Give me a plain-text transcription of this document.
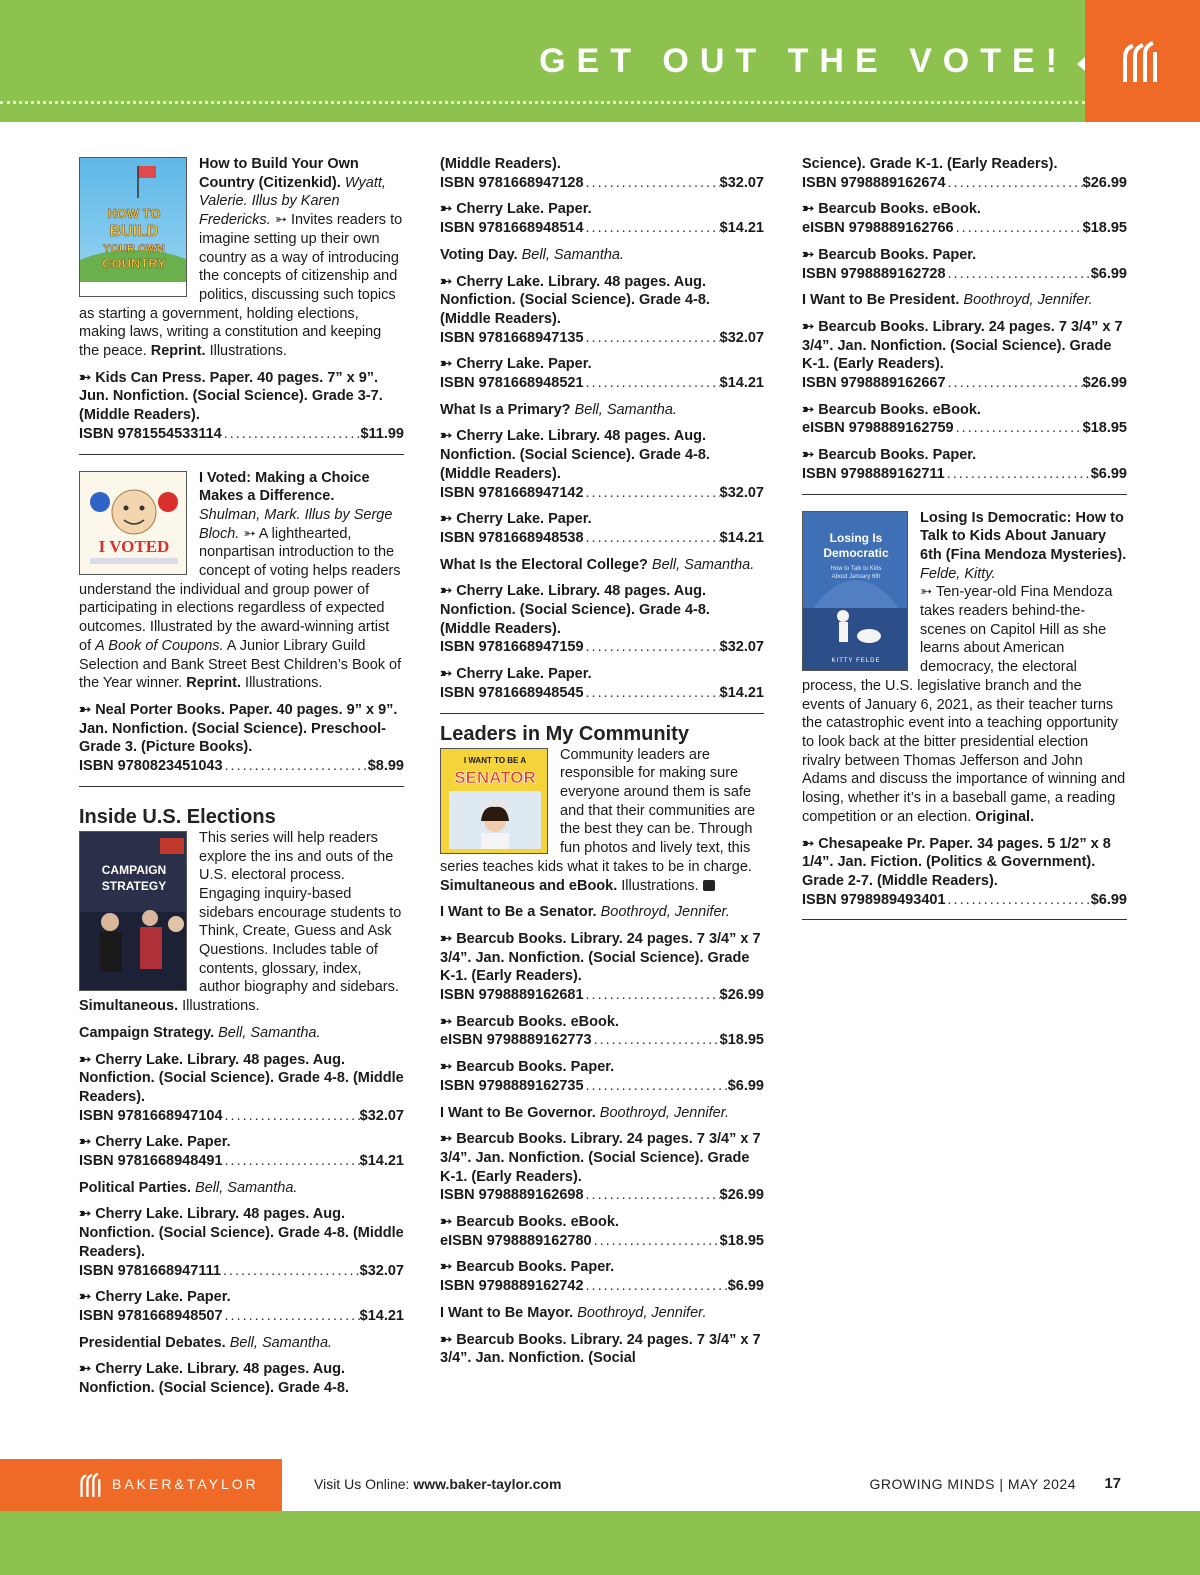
GET OUT THE VOTE!
HOW TO
BUILD
YOUR OWN
COUNTRY
How to Build Your Own Country (Citizenkid). Wyatt, Valerie. Illus by Karen Fredericks. ➳ Invites readers to imagine setting up their own country as a way of introducing the concepts of citizenship and politics, discussing such topics as starting a government, holding elections, making laws, writing a constitution and keeping the peace. Reprint. Illustrations.
➳ Kids Can Press. Paper. 40 pages. 7” x 9”. Jun. Nonfiction. (Social Science). Grade 3-7. (Middle Readers).
ISBN 9781554533114 .....	$11.99
I VOTED
I Voted: Making a Choice Makes a Difference.
Shulman, Mark. Illus by Serge Bloch. ➳ A lighthearted, nonpartisan introduction to the concept of voting helps readers understand the individual and group power of participating in elections regardless of expected outcomes. Illustrated by the award-winning artist of A Book of Coupons. A Junior Library Guild Selection and Bank Street Best Children’s Book of the Year winner. Reprint. Illustrations.
➳ Neal Porter Books. Paper. 40 pages. 9” x 9”. Jan. Nonfiction. (Social Science). Preschool-Grade 3. (Picture Books).
ISBN 9780823451043 .....	$8.99
Inside U.S. Elections
CAMPAIGN
STRATEGY
This series will help readers explore the ins and outs of the U.S. electoral process. Engaging inquiry-based sidebars encourage students to Think, Create, Guess and Ask Questions. Includes table of contents, glossary, index, author biography and sidebars. Simultaneous. Illustrations.
Campaign Strategy. Bell, Samantha.
➳ Cherry Lake. Library. 48 pages. Aug. Nonfiction. (Social Science). Grade 4-8. (Middle Readers).
ISBN 9781668947104 .....	$32.07
➳ Cherry Lake. Paper.
ISBN 9781668948491 .....	$14.21
Political Parties. Bell, Samantha.
➳ Cherry Lake. Library. 48 pages. Aug. Nonfiction. (Social Science). Grade 4-8. (Middle Readers).
ISBN 9781668947111 .....	$32.07
➳ Cherry Lake. Paper.
ISBN 9781668948507 .....	$14.21
Presidential Debates. Bell, Samantha.
➳ Cherry Lake. Library. 48 pages. Aug. Nonfiction. (Social Science). Grade 4-8.
(Middle Readers).
ISBN 9781668947128 .....	$32.07
➳ Cherry Lake. Paper.
ISBN 9781668948514 .....	$14.21
Voting Day. Bell, Samantha.
➳ Cherry Lake. Library. 48 pages. Aug. Nonfiction. (Social Science). Grade 4-8. (Middle Readers).
ISBN 9781668947135 .....	$32.07
➳ Cherry Lake. Paper.
ISBN 9781668948521 .....	$14.21
What Is a Primary? Bell, Samantha.
➳ Cherry Lake. Library. 48 pages. Aug. Nonfiction. (Social Science). Grade 4-8. (Middle Readers).
ISBN 9781668947142 .....	$32.07
➳ Cherry Lake. Paper.
ISBN 9781668948538 .....	$14.21
What Is the Electoral College? Bell, Samantha.
➳ Cherry Lake. Library. 48 pages. Aug. Nonfiction. (Social Science). Grade 4-8. (Middle Readers).
ISBN 9781668947159 .....	$32.07
➳ Cherry Lake. Paper.
ISBN 9781668948545 .....	$14.21
Leaders in My Community
I WANT TO BE A
SENATOR
Community leaders are responsible for making sure everyone around them is safe and that their communities are the best they can be. Through fun photos and lively text, this series teaches kids what it takes to be in charge. Simultaneous and eBook. Illustrations.
I Want to Be a Senator. Boothroyd, Jennifer.
➳ Bearcub Books. Library. 24 pages. 7 3/4” x 7 3/4”. Jan. Nonfiction. (Social Science). Grade K-1. (Early Readers).
ISBN 9798889162681 .....	$26.99
➳ Bearcub Books. eBook.
eISBN 9798889162773 .....	$18.95
➳ Bearcub Books. Paper.
ISBN 9798889162735 .....	$6.99
I Want to Be Governor. Boothroyd, Jennifer.
➳ Bearcub Books. Library. 24 pages. 7 3/4” x 7 3/4”. Jan. Nonfiction. (Social Science). Grade K-1. (Early Readers).
ISBN 9798889162698 .....	$26.99
➳ Bearcub Books. eBook.
eISBN 9798889162780 .....	$18.95
➳ Bearcub Books. Paper.
ISBN 9798889162742 .....	$6.99
I Want to Be Mayor. Boothroyd, Jennifer.
➳ Bearcub Books. Library. 24 pages. 7 3/4” x 7 3/4”. Jan. Nonfiction. (Social
Science). Grade K-1. (Early Readers).
ISBN 9798889162674 .....	$26.99
➳ Bearcub Books. eBook.
eISBN 9798889162766 .....	$18.95
➳ Bearcub Books. Paper.
ISBN 9798889162728 .....	$6.99
I Want to Be President. Boothroyd, Jennifer.
➳ Bearcub Books. Library. 24 pages. 7 3/4” x 7 3/4”. Jan. Nonfiction. (Social Science). Grade K-1. (Early Readers).
ISBN 9798889162667 .....	$26.99
➳ Bearcub Books. eBook.
eISBN 9798889162759 .....	$18.95
➳ Bearcub Books. Paper.
ISBN 9798889162711 .....	$6.99
Losing Is
Democratic
How to Talk to Kids
About January 6th
KITTY FELDE
Losing Is Democratic: How to Talk to Kids About January 6th (Fina Mendoza Mysteries). Felde, Kitty.
➳ Ten-year-old Fina Mendoza takes readers behind-the-scenes on Capitol Hill as she learns about American democracy, the electoral process, the U.S. legislative branch and the events of January 6, 2021, as their teacher turns the catastrophic event into a teaching opportunity to look back at the bitter presidential election rivalry between Thomas Jefferson and John Adams and discuss the importance of winning and losing, whether it’s in a baseball game, a reading competition or an election. Original.
➳ Chesapeake Pr. Paper. 34 pages. 5 1/2” x 8 1/4”. Jan. Fiction. (Politics & Government). Grade 2-7. (Middle Readers).
ISBN 9798989493401 .....	$6.99
BAKER&TAYLOR	Visit Us Online: www.baker-taylor.com	GROWING MINDS | MAY 2024 17
